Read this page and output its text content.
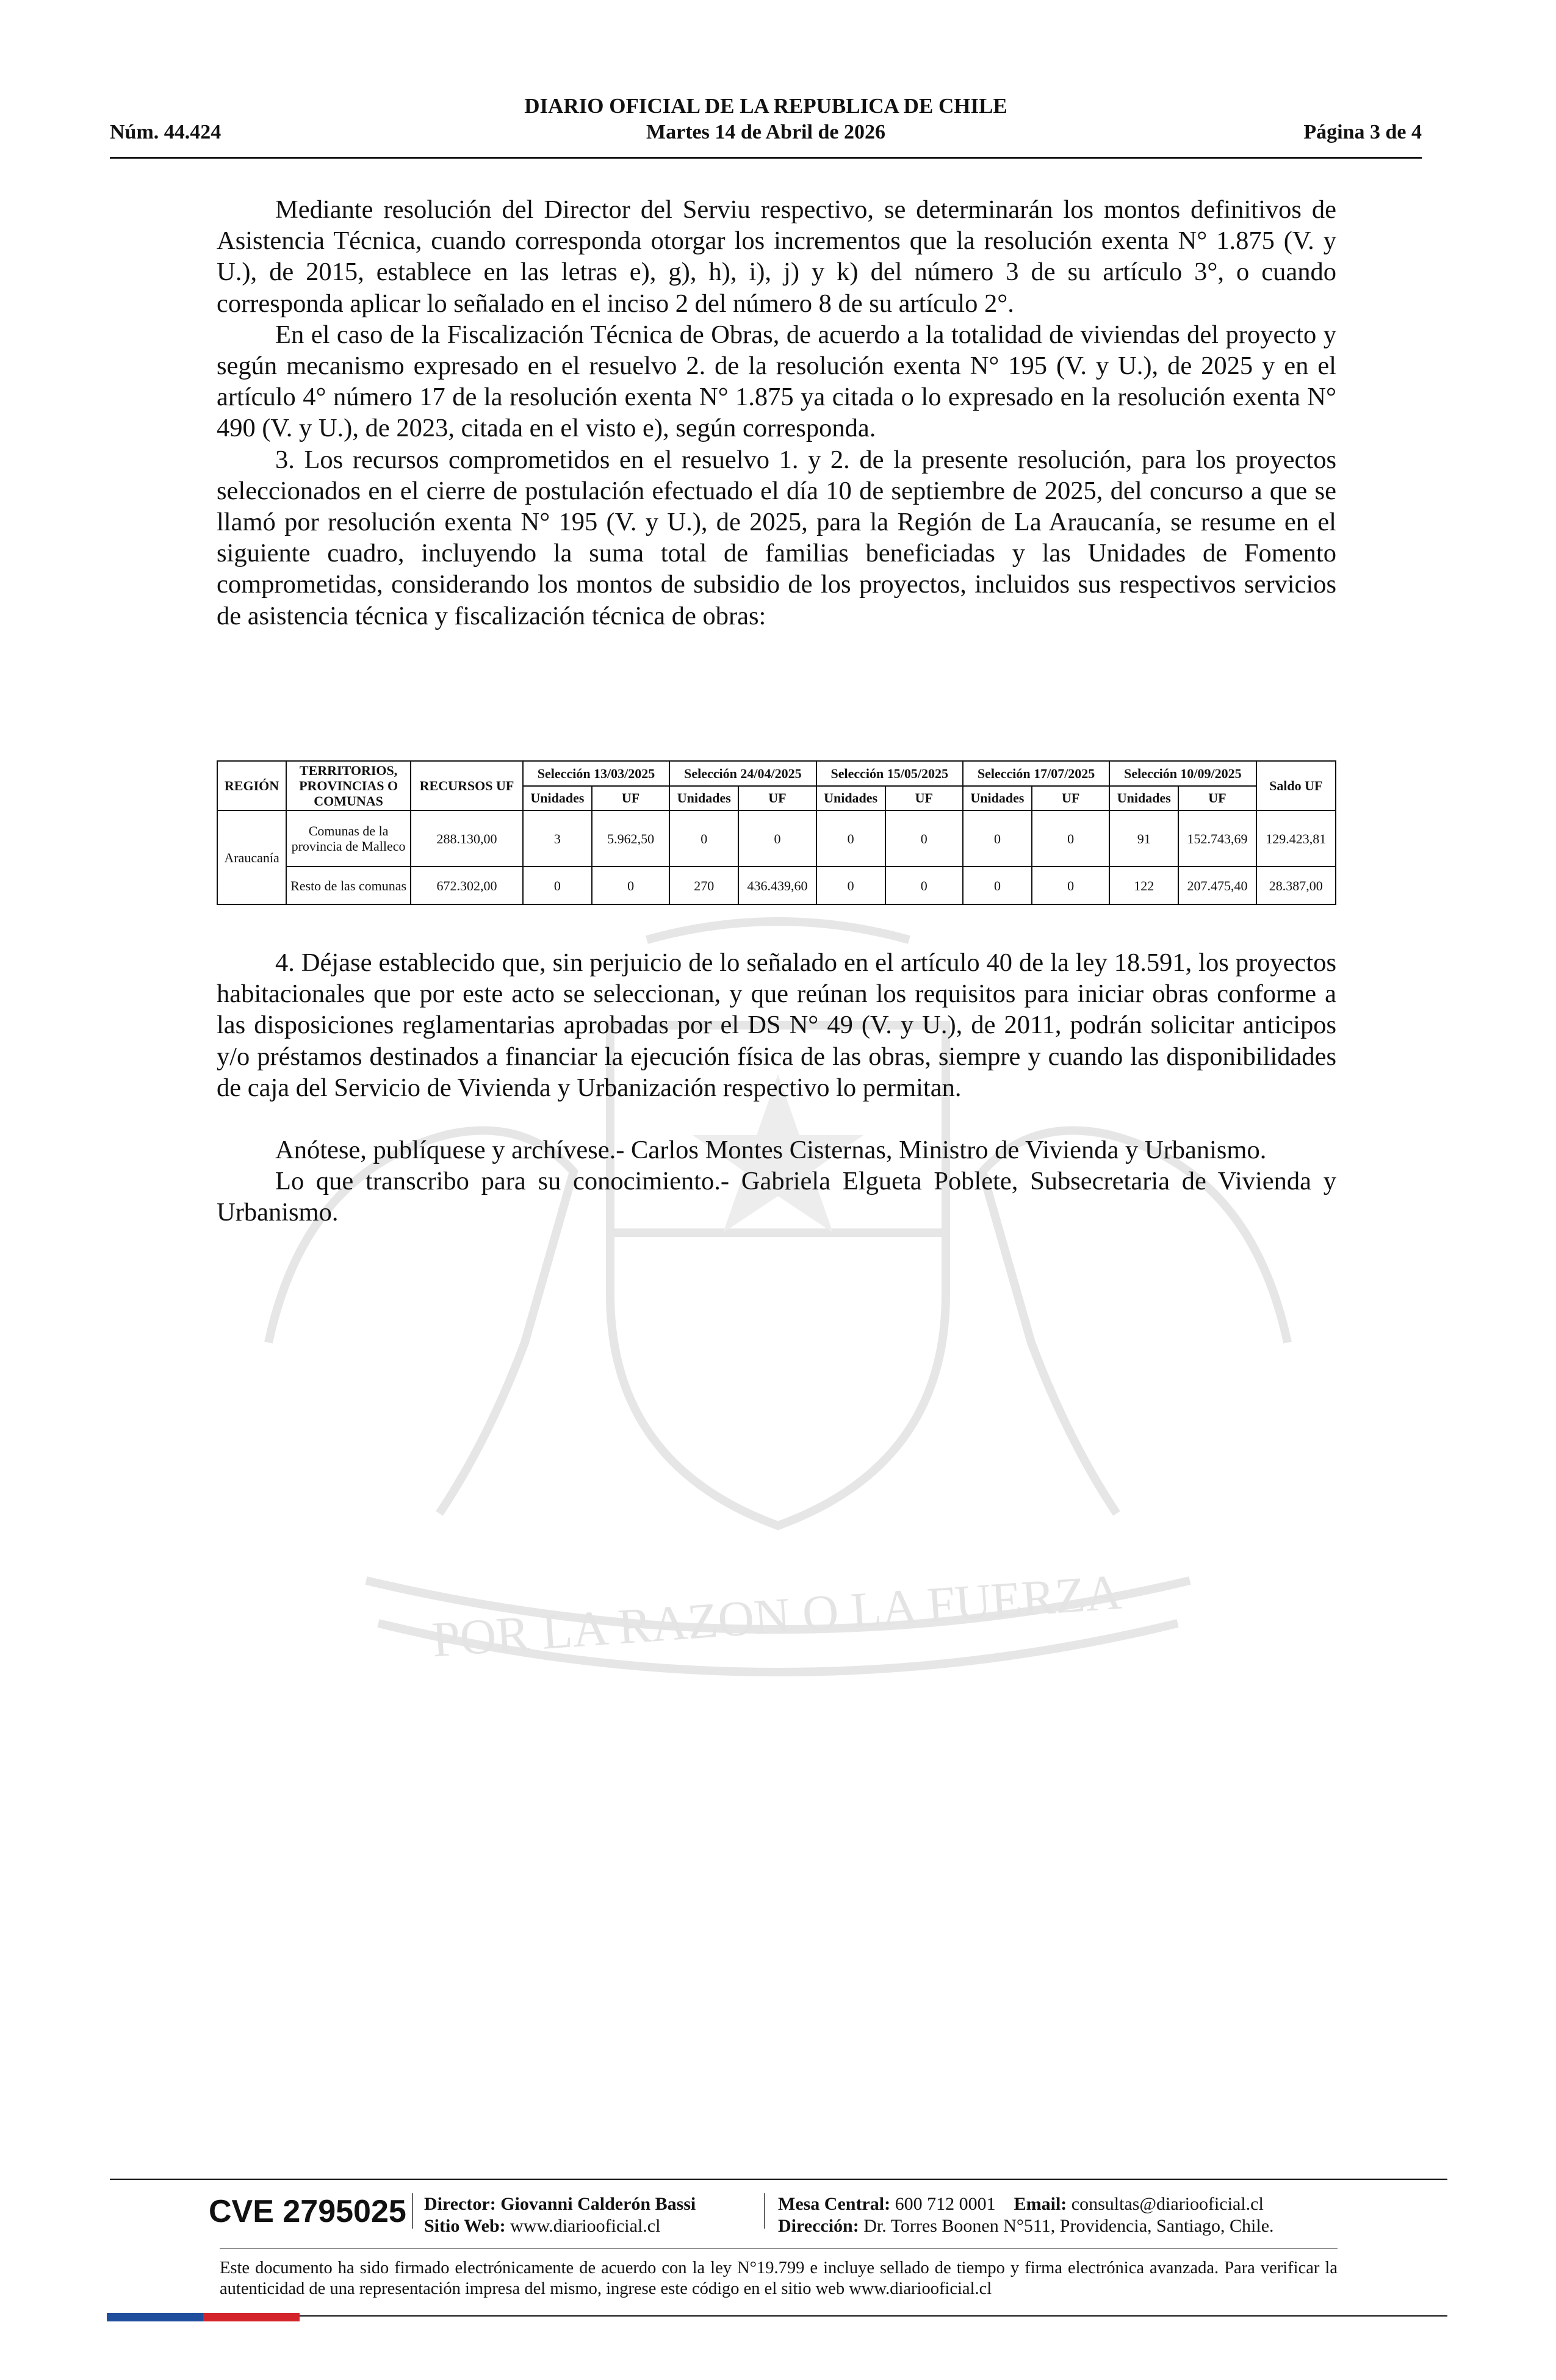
POR LA RAZON O LA FUERZA
DIARIO OFICIAL DE LA REPUBLICA DE CHILE
Núm. 44.424	Martes 14 de Abril de 2026	Página 3 de 4

Mediante resolución del Director del Serviu respectivo, se determinarán los montos definitivos de Asistencia Técnica, cuando corresponda otorgar los incrementos que la resolución exenta N° 1.875 (V. y U.), de 2015, establece en las letras e), g), h), i), j) y k) del número 3 de su artículo 3°, o cuando corresponda aplicar lo señalado en el inciso 2 del número 8 de su artículo 2°.

En el caso de la Fiscalización Técnica de Obras, de acuerdo a la totalidad de viviendas del proyecto y según mecanismo expresado en el resuelvo 2. de la resolución exenta N° 195 (V. y U.), de 2025 y en el artículo 4° número 17 de la resolución exenta N° 1.875 ya citada o lo expresado en la resolución exenta N° 490 (V. y U.), de 2023, citada en el visto e), según corresponda.

3. Los recursos comprometidos en el resuelvo 1. y 2. de la presente resolución, para los proyectos seleccionados en el cierre de postulación efectuado el día 10 de septiembre de 2025, del concurso a que se llamó por resolución exenta N° 195 (V. y U.), de 2025, para la Región de La Araucanía, se resume en el siguiente cuadro, incluyendo la suma total de familias beneficiadas y las Unidades de Fomento comprometidas, considerando los montos de subsidio de los proyectos, incluidos sus respectivos servicios de asistencia técnica y fiscalización técnica de obras:

REGIÓN	TERRITORIOS, PROVINCIAS O COMUNAS	RECURSOS UF	Selección 13/03/2025		Selección 24/04/2025		Selección 15/05/2025		Selección 17/07/2025		Selección 10/09/2025		Saldo UF
			Unidades	UF	Unidades	UF	Unidades	UF	Unidades	UF	Unidades	UF	
Araucanía	Comunas de la provincia de Malleco	288.130,00	3	5.962,50	0	0	0	0	0	0	91	152.743,69	129.423,81
	Resto de las comunas	672.302,00	0	0	270	436.439,60	0	0	0	0	122	207.475,40	28.387,00

4. Déjase establecido que, sin perjuicio de lo señalado en el artículo 40 de la ley 18.591, los proyectos habitacionales que por este acto se seleccionan, y que reúnan los requisitos para iniciar obras conforme a las disposiciones reglamentarias aprobadas por el DS N° 49 (V. y U.), de 2011, podrán solicitar anticipos y/o préstamos destinados a financiar la ejecución física de las obras, siempre y cuando las disponibilidades de caja del Servicio de Vivienda y Urbanización respectivo lo permitan.

Anótese, publíquese y archívese.- Carlos Montes Cisternas, Ministro de Vivienda y Urbanismo.

Lo que transcribo para su conocimiento.- Gabriela Elgueta Poblete, Subsecretaria de Vivienda y Urbanismo.

CVE 2795025 Director: Giovanni Calderón Bassi
Sitio Web: www.diariooficial.cl
Mesa Central: 600 712 0001 Email: consultas@diariooficial.cl
Dirección: Dr. Torres Boonen N°511, Providencia, Santiago, Chile.
Este documento ha sido firmado electrónicamente de acuerdo con la ley N°19.799 e incluye sellado de tiempo y firma electrónica avanzada. Para verificar la autenticidad de una representación impresa del mismo, ingrese este código en el sitio web www.diariooficial.cl
